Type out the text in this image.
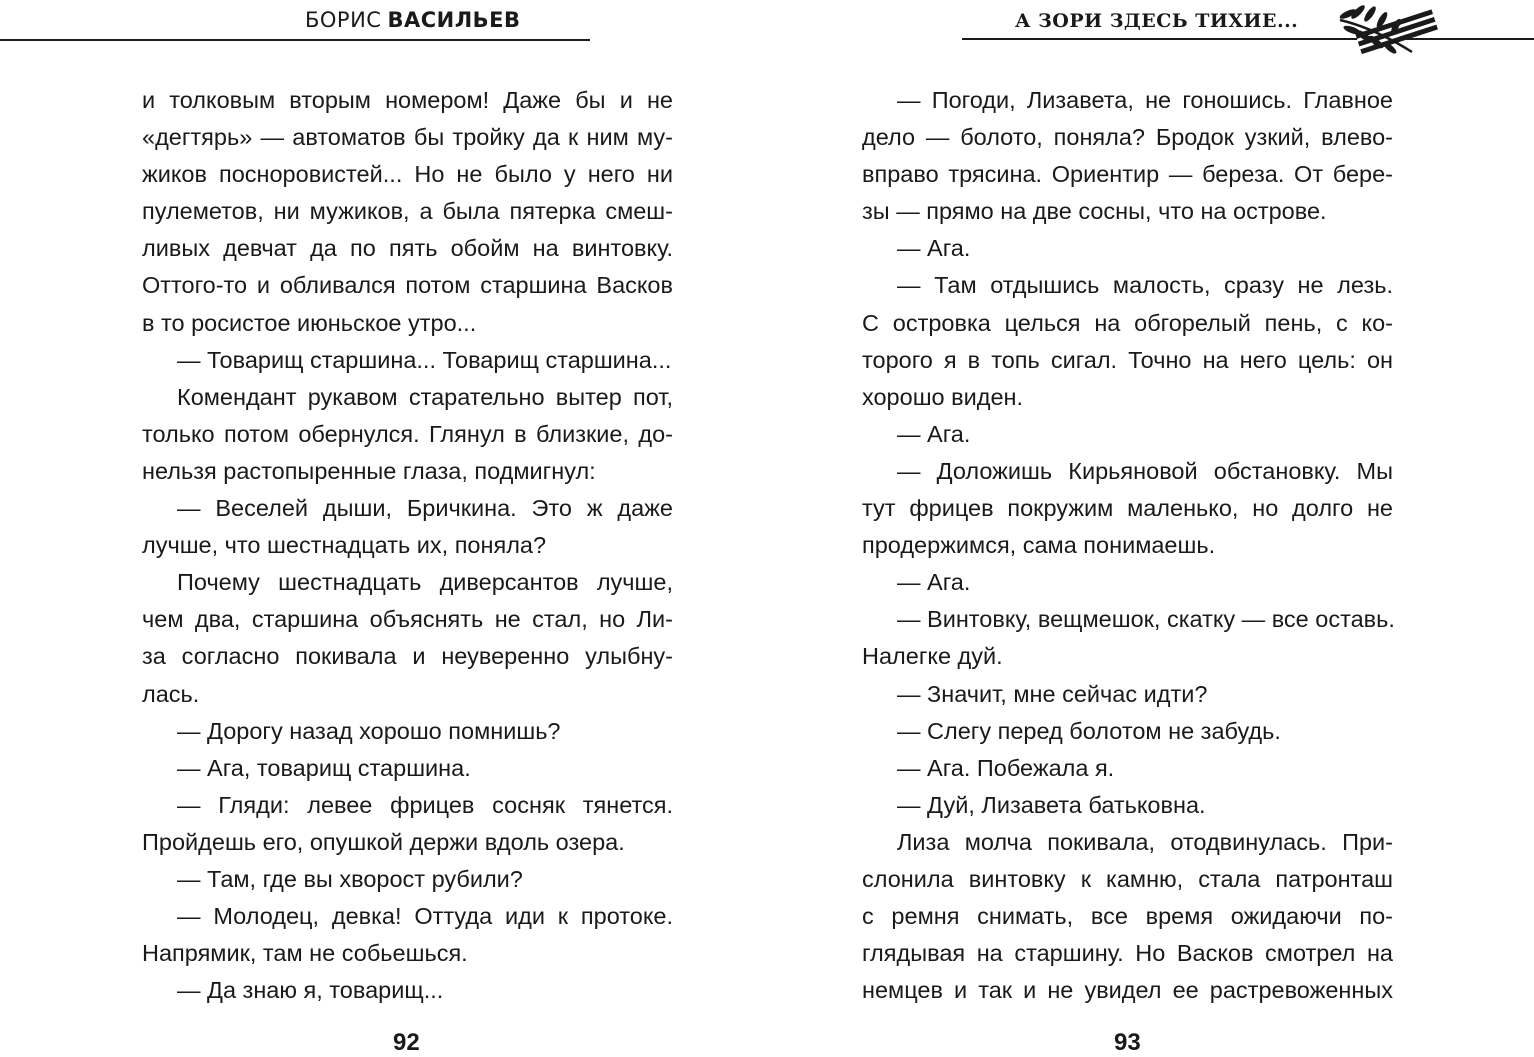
БОРИС ВАСИЛЬЕВ
и толковым вторым номером! Даже бы и не
«дегтярь» — автоматов бы тройку да к ним му-
жиков посноровистей... Но не было у него ни
пулеметов, ни мужиков, а была пятерка смеш-
ливых девчат да по пять обойм на винтовку.
Оттого-то и обливался потом старшина Васков
в то росистое июньское утро...
— Товарищ старшина... Товарищ старшина...
Комендант рукавом старательно вытер пот,
только потом обернулся. Глянул в близкие, до-
нельзя растопыренные глаза, подмигнул:
— Веселей дыши, Бричкина. Это ж даже
лучше, что шестнадцать их, поняла?
Почему шестнадцать диверсантов лучше,
чем два, старшина объяснять не стал, но Ли-
за согласно покивала и неуверенно улыбну-
лась.
— Дорогу назад хорошо помнишь?
— Ага, товарищ старшина.
— Гляди: левее фрицев сосняк тянется.
Пройдешь его, опушкой держи вдоль озера.
— Там, где вы хворост рубили?
— Молодец, девка! Оттуда иди к протоке.
Напрямик, там не собьешься.
— Да знаю я, товарищ...
92
А ЗОРИ ЗДЕСЬ ТИХИЕ...
— Погоди, Лизавета, не гоношись. Главное
дело — болото, поняла? Бродок узкий, влево-
вправо трясина. Ориентир — береза. От бере-
зы — прямо на две сосны, что на острове.
— Ага.
— Там отдышись малость, сразу не лезь.
С островка целься на обгорелый пень, с ко-
торого я в топь сигал. Точно на него цель: он
хорошо виден.
— Ага.
— Доложишь Кирьяновой обстановку. Мы
тут фрицев покружим маленько, но долго не
продержимся, сама понимаешь.
— Ага.
— Винтовку, вещмешок, скатку — все оставь.
Налегке дуй.
— Значит, мне сейчас идти?
— Слегу перед болотом не забудь.
— Ага. Побежала я.
— Дуй, Лизавета батьковна.
Лиза молча покивала, отодвинулась. При-
слонила винтовку к камню, стала патронташ
с ремня снимать, все время ожидаючи по-
глядывая на старшину. Но Васков смотрел на
немцев и так и не увидел ее растревоженных
93
